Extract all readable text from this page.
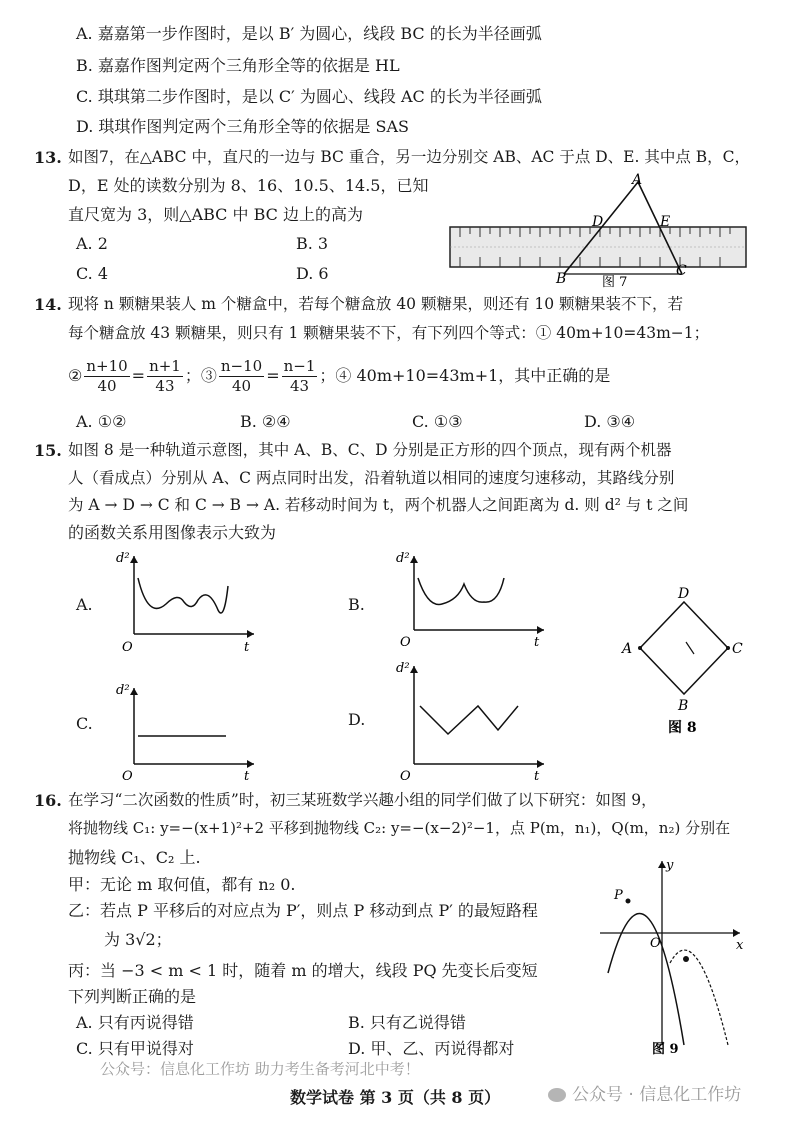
A. 嘉嘉第一步作图时，是以 B′ 为圆心，线段 BC 的长为半径画弧
B. 嘉嘉作图判定两个三角形全等的依据是 HL
C. 琪琪第二步作图时，是以 C′ 为圆心、线段 AC 的长为半径画弧
D. 琪琪作图判定两个三角形全等的依据是 SAS
13. 如图7，在△ABC 中，直尺的一边与 BC 重合，另一边分别交 AB、AC 于点 D、E. 其中点 B，C，
D，E 处的读数分别为 8、16、10.5、14.5，已知
直尺宽为 3，则△ABC 中 BC 边上的高为
A. 2	B. 3
C. 4	D. 6
A
D	E
B	C
图 7
14. 现将 n 颗糖果装人 m 个糖盒中，若每个糖盒放 40 颗糖果，则还有 10 颗糖果装不下，若
每个糖盒放 43 颗糖果，则只有 1 颗糖果装不下，有下列四个等式：① 40m+10=43m−1；
② $\frac{n+10}{40} = \frac{n+1}{43}$ ；③ $\frac{n-10}{40} = \frac{n-1}{43}$ ；④ 40m+10=43m+1，其中正确的是
A. ①②	B. ②④	C. ①③	D. ③④
15. 如图 8 是一种轨道示意图，其中 A、B、C、D 分别是正方形的四个顶点，现有两个机器
人（看成点）分别从 A、C 两点同时出发，沿着轨道以相同的速度匀速移动，其路线分别
为 A → D → C 和 C → B → A. 若移动时间为 t，两个机器人之间距离为 d. 则 d² 与 t 之间
的函数关系用图像表示大致为
A.
d²
t
O
B.
d²
t
O
C.
d²
t
O
D.
d²
t
O
D
A	C
B
图 8
16. 在学习“二次函数的性质”时，初三某班数学兴趣小组的同学们做了以下研究：如图 9，
将抛物线 C₁: y=−(x+1)²+2 平移到抛物线 C₂: y=−(x−2)²−1，点 P(m，n₁)，Q(m，n₂) 分别在
抛物线 C₁、C₂ 上.
甲：无论 m 取何值，都有 n₂ 0.
乙：若点 P 平移后的对应点为 P′，则点 P 移动到点 P′ 的最短路程
为 3√2；
丙：当 −3 < m < 1 时，随着 m 的增大，线段 PQ 先变长后变短
下列判断正确的是
A. 只有丙说得错	B. 只有乙说得错
C. 只有甲说得对	D. 甲、乙、丙说得都对
y
x
O
P
图 9
公众号：信息化工作坊 助力考生备考河北中考！
数学试卷 第 3 页（共 8 页）	公众号 · 信息化工作坊
